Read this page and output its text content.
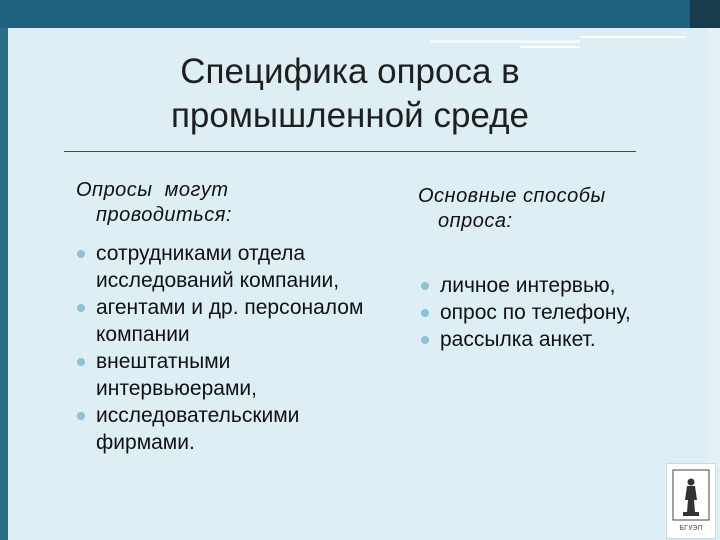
Специфика опроса в промышленной среде
Опросы  могут
проводиться:
сотрудниками отдела исследований компании,
агентами и др. персоналом компании
внештатными интервьюерами,
исследовательскими фирмами.
Основные способы
опроса:
личное интервью,
опрос по телефону,
рассылка анкет.
БГУЭП
